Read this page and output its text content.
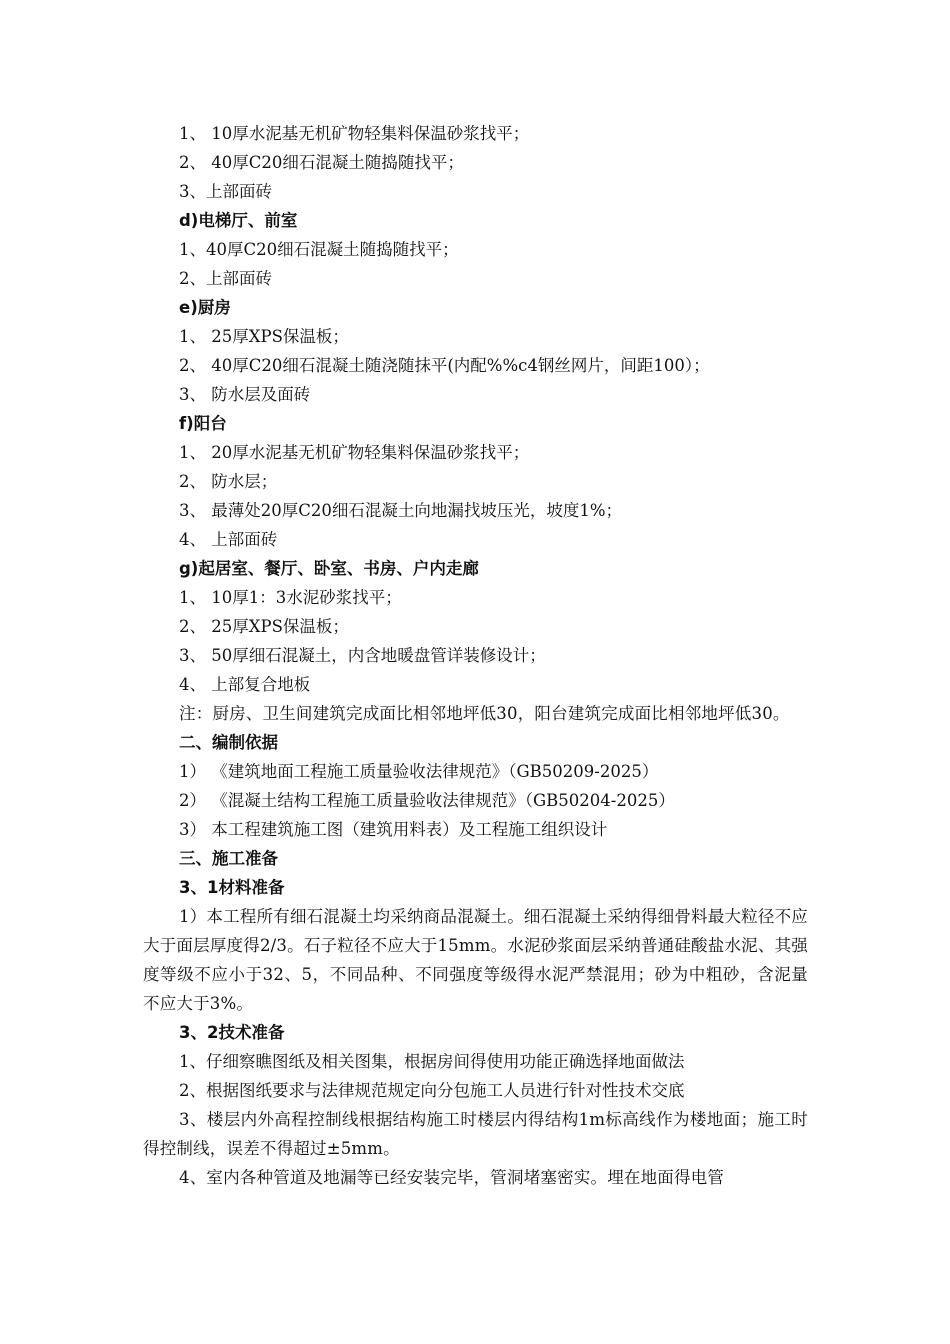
1、 10厚水泥基无机矿物轻集料保温砂浆找平；
2、 40厚C20细石混凝土随捣随找平；
3、上部面砖
d)电梯厅、前室
1、40厚C20细石混凝土随捣随找平；
2、上部面砖
e)厨房
1、 25厚XPS保温板；
2、 40厚C20细石混凝土随浇随抹平(内配%%c4钢丝网片，间距100）；
3、 防水层及面砖
f)阳台
1、 20厚水泥基无机矿物轻集料保温砂浆找平；
2、 防水层；
3、 最薄处20厚C20细石混凝土向地漏找坡压光，坡度1%；
4、 上部面砖
g)起居室、餐厅、卧室、书房、户内走廊
1、 10厚1：3水泥砂浆找平；
2、 25厚XPS保温板；
3、 50厚细石混凝土，内含地暖盘管详装修设计；
4、 上部复合地板
注：厨房、卫生间建筑完成面比相邻地坪低30，阳台建筑完成面比相邻地坪低30。
二、编制依据
1） 《建筑地面工程施工质量验收法律规范》（GB50209-2025）
2） 《混凝土结构工程施工质量验收法律规范》（GB50204-2025）
3） 本工程建筑施工图（建筑用料表）及工程施工组织设计
三、施工准备
3、1材料准备
1）本工程所有细石混凝土均采纳商品混凝土。细石混凝土采纳得细骨料最大粒径不应大于面层厚度得2/3。石子粒径不应大于15mm。水泥砂浆面层采纳普通硅酸盐水泥、其强度等级不应小于32、5，不同品种、不同强度等级得水泥严禁混用；砂为中粗砂，含泥量不应大于3%。
3、2技术准备
1、仔细察瞧图纸及相关图集，根据房间得使用功能正确选择地面做法
2、根据图纸要求与法律规范规定向分包施工人员进行针对性技术交底
3、楼层内外高程控制线根据结构施工时楼层内得结构1m标高线作为楼地面；施工时得控制线，误差不得超过±5mm。
4、室内各种管道及地漏等已经安装完毕，管洞堵塞密实。埋在地面得电管
